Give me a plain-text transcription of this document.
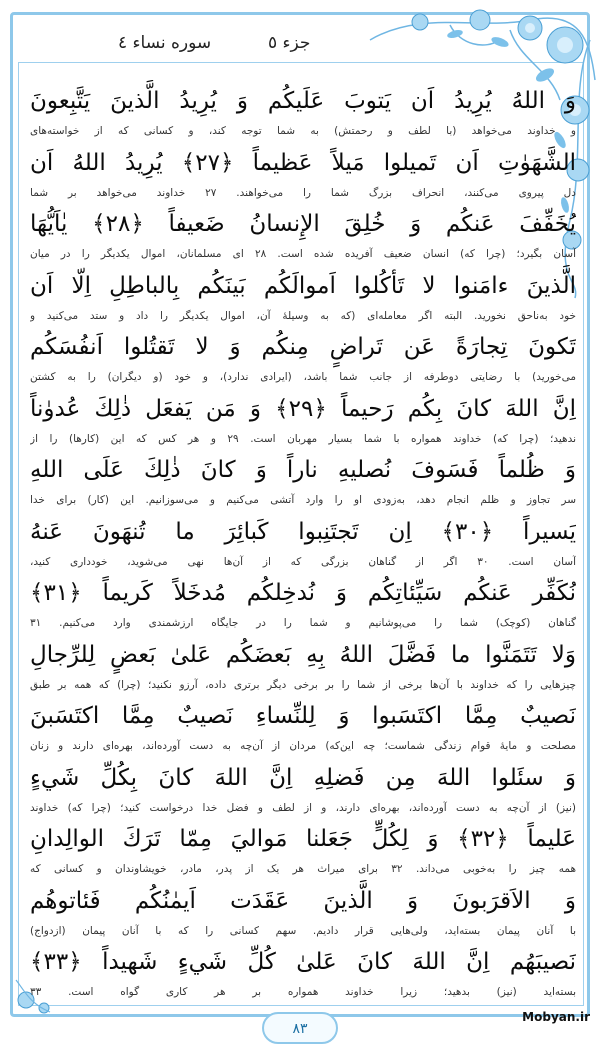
جزء ٥
سوره نساء ٤
وَ اللهُ يُرِيدُ اَن يَتوبَ عَلَيكُم وَ يُرِيدُ الَّذينَ يَتَّبِعونَ
و خداوند می‌خواهد (با لطف و رحمتش) به شما توجه کند، و کسانی که از خواسته‌های
الشَّهَوٰتِ اَن تَميلوا مَيلاً عَظيماً ﴿٢٧﴾ يُرِيدُ اللهُ اَن
دل پیروی می‌کنند، انحراف بزرگ شما را می‌خواهند. ۲۷ خداوند می‌خواهد بر شما
يُخَفِّفَ عَنكُم وَ خُلِقَ الإِنسانُ ضَعيفاً ﴿٢٨﴾ يٰاَيُّهَا
آسان بگیرد؛ (چرا که) انسان ضعیف آفریده شده است. ۲۸ ای مسلمانان، اموال یکدیگر را در میان
الَّذينَ ءامَنوا لا تَأكُلوا اَموالَكُم بَينَكُم بِالباطِلِ اِلّا اَن
خود به‌ناحق نخورید. البته اگر معامله‌ای (که به وسیلهٔ آن، اموال یکدیگر را داد و ستد می‌کنید و
تَكونَ تِجارَةً عَن تَراضٍ مِنكُم وَ لا تَقتُلوا اَنفُسَكُم
می‌خورید) با رضایتی دوطرفه از جانب شما باشد، (ایرادی ندارد)، و خود (و دیگران) را به کشتن
اِنَّ اللهَ كانَ بِكُم رَحيماً ﴿٢٩﴾ وَ مَن يَفعَل ذٰلِكَ عُدوٰناً
ندهید؛ (چرا که) خداوند همواره با شما بسیار مهربان است. ۲۹ و هر کس که این (کارها) را از
وَ ظُلماً فَسَوفَ نُصليهِ ناراً وَ كانَ ذٰلِكَ عَلَى اللهِ
سر تجاوز و ظلم انجام دهد، به‌زودی او را وارد آتشی می‌کنیم و می‌سوزانیم. این (کار) برای خدا
يَسيراً ﴿٣٠﴾ اِن تَجتَنِبوا كَبائِرَ ما تُنهَونَ عَنهُ
آسان است. ۳۰ اگر از گناهان بزرگی که از آن‌ها نهی می‌شوید، خودداری کنید،
نُكَفِّر عَنكُم سَيِّئاتِكُم وَ نُدخِلكُم مُدخَلاً كَريماً ﴿٣١﴾
گناهان (کوچک) شما را می‌پوشانیم و شما را در جایگاه ارزشمندی وارد می‌کنیم. ۳۱
وَلا تَتَمَنَّوا ما فَضَّلَ اللهُ بِهِ بَعضَكُم عَلىٰ بَعضٍ لِلرِّجالِ
چیزهایی را که خداوند با آن‌ها برخی از شما را بر برخی دیگر برتری داده، آرزو نکنید؛ (چرا) که همه بر طبق
نَصيبٌ مِمَّا اكتَسَبوا وَ لِلنِّساءِ نَصيبٌ مِمَّا اكتَسَبنَ
مصلحت و مایهٔ قوام زندگی شماست؛ چه این‌که) مردان از آن‌چه به دست آورده‌اند، بهره‌ای دارند و زنان
وَ سئَلوا اللهَ مِن فَضلِهِ اِنَّ اللهَ كانَ بِكُلِّ شَيءٍ
(نیز) از آن‌چه به دست آورده‌اند، بهره‌ای دارند، و از لطف و فضل خدا درخواست کنید؛ (چرا که) خداوند
عَليماً ﴿٣٢﴾ وَ لِكُلٍّ جَعَلنا مَواليَ مِمّا تَرَكَ الوالِدانِ
همه چیز را به‌خوبی می‌داند. ۳۲ برای میراث هر یک از پدر، مادر، خویشاوندان و کسانی که
وَ الاَقرَبونَ وَ الَّذينَ عَقَدَت اَيمٰنُكُم فَئاتوهُم
با آنان پیمان بسته‌اید، ولی‌هایی قرار دادیم. سهم کسانی را که با آنان پیمان (ازدواج)
نَصيبَهُم اِنَّ اللهَ كانَ عَلىٰ كُلِّ شَيءٍ شَهيداً ﴿٣٣﴾
بسته‌اید (نیز) بدهید؛ زیرا خداوند همواره بر هر کاری گواه است. ۳۳
٨٣
Mobyan.ir
